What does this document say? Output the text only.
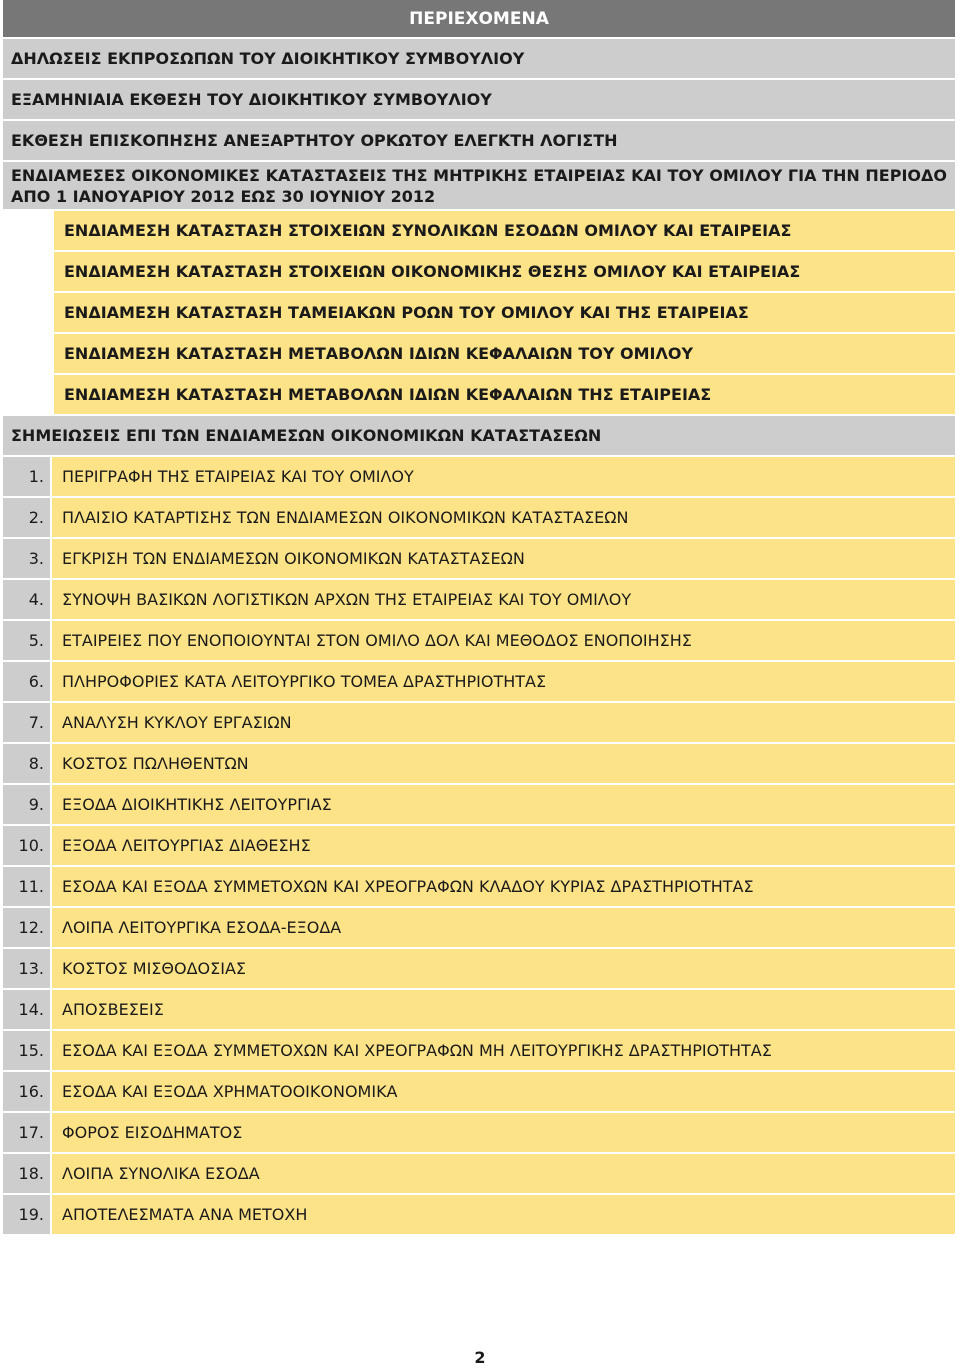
ΠΕΡΙΕΧΟΜΕΝΑ
ΔΗΛΩΣΕΙΣ ΕΚΠΡΟΣΩΠΩΝ ΤΟΥ ΔΙΟΙΚΗΤΙΚΟΥ ΣΥΜΒΟΥΛΙΟΥ
ΕΞΑΜΗΝΙΑΙΑ ΕΚΘΕΣΗ ΤΟΥ ΔΙΟΙΚΗΤΙΚΟΥ ΣΥΜΒΟΥΛΙΟΥ
ΕΚΘΕΣΗ ΕΠΙΣΚΟΠΗΣΗΣ ΑΝΕΞΑΡΤΗΤΟΥ ΟΡΚΩΤΟΥ ΕΛΕΓΚΤΗ ΛΟΓΙΣΤΗ
ΕΝΔΙΑΜΕΣΕΣ ΟΙΚΟΝΟΜΙΚΕΣ ΚΑΤΑΣΤΑΣΕΙΣ ΤΗΣ ΜΗΤΡΙΚΗΣ ΕΤΑΙΡΕΙΑΣ ΚΑΙ ΤΟΥ ΟΜΙΛΟΥ ΓΙΑ ΤΗΝ ΠΕΡΙΟΔΟ ΑΠΟ 1 ΙΑΝΟΥΑΡΙΟΥ 2012 ΕΩΣ 30 ΙΟΥΝΙΟΥ 2012
ΕΝΔΙΑΜΕΣΗ ΚΑΤΑΣΤΑΣΗ ΣΤΟΙΧΕΙΩΝ ΣΥΝΟΛΙΚΩΝ ΕΣΟΔΩΝ ΟΜΙΛΟΥ ΚΑΙ ΕΤΑΙΡΕΙΑΣ
ΕΝΔΙΑΜΕΣΗ ΚΑΤΑΣΤΑΣΗ ΣΤΟΙΧΕΙΩΝ ΟΙΚΟΝΟΜΙΚΗΣ ΘΕΣΗΣ ΟΜΙΛΟΥ ΚΑΙ ΕΤΑΙΡΕΙΑΣ
ΕΝΔΙΑΜΕΣΗ ΚΑΤΑΣΤΑΣΗ ΤΑΜΕΙΑΚΩΝ ΡΟΩΝ ΤΟΥ ΟΜΙΛΟΥ ΚΑΙ ΤΗΣ ΕΤΑΙΡΕΙΑΣ
ΕΝΔΙΑΜΕΣΗ ΚΑΤΑΣΤΑΣΗ ΜΕΤΑΒΟΛΩΝ ΙΔΙΩΝ ΚΕΦΑΛΑΙΩΝ ΤΟΥ ΟΜΙΛΟΥ
ΕΝΔΙΑΜΕΣΗ ΚΑΤΑΣΤΑΣΗ ΜΕΤΑΒΟΛΩΝ ΙΔΙΩΝ ΚΕΦΑΛΑΙΩΝ ΤΗΣ ΕΤΑΙΡΕΙΑΣ
ΣΗΜΕΙΩΣΕΙΣ ΕΠΙ ΤΩΝ ΕΝΔΙΑΜΕΣΩΝ ΟΙΚΟΝΟΜΙΚΩΝ ΚΑΤΑΣΤΑΣΕΩΝ
1.	ΠΕΡΙΓΡΑΦΗ ΤΗΣ ΕΤΑΙΡΕΙΑΣ ΚΑΙ ΤΟΥ ΟΜΙΛΟΥ
2.	ΠΛΑΙΣΙΟ ΚΑΤΑΡΤΙΣΗΣ ΤΩΝ ΕΝΔΙΑΜΕΣΩΝ ΟΙΚΟΝΟΜΙΚΩΝ ΚΑΤΑΣΤΑΣΕΩΝ
3.	ΕΓΚΡΙΣΗ ΤΩΝ ΕΝΔΙΑΜΕΣΩΝ ΟΙΚΟΝΟΜΙΚΩΝ ΚΑΤΑΣΤΑΣΕΩΝ
4.	ΣΥΝΟΨΗ ΒΑΣΙΚΩΝ ΛΟΓΙΣΤΙΚΩΝ ΑΡΧΩΝ ΤΗΣ ΕΤΑΙΡΕΙΑΣ ΚΑΙ ΤΟΥ ΟΜΙΛΟΥ
5.	ΕΤΑΙΡΕΙΕΣ ΠΟΥ ΕΝΟΠΟΙΟΥΝΤΑΙ ΣΤΟΝ ΟΜΙΛΟ ΔΟΛ ΚΑΙ ΜΕΘΟΔΟΣ ΕΝΟΠΟΙΗΣΗΣ
6.	ΠΛΗΡΟΦΟΡΙΕΣ ΚΑΤΑ ΛΕΙΤΟΥΡΓΙΚΟ ΤΟΜΕΑ ΔΡΑΣΤΗΡΙΟΤΗΤΑΣ
7.	ΑΝΑΛΥΣΗ ΚΥΚΛΟΥ ΕΡΓΑΣΙΩΝ
8.	ΚΟΣΤΟΣ ΠΩΛΗΘΕΝΤΩΝ
9.	ΕΞΟΔΑ ΔΙΟΙΚΗΤΙΚΗΣ ΛΕΙΤΟΥΡΓΙΑΣ
10.	ΕΞΟΔΑ ΛΕΙΤΟΥΡΓΙΑΣ ΔΙΑΘΕΣΗΣ
11.	ΕΣΟΔΑ ΚΑΙ ΕΞΟΔΑ ΣΥΜΜΕΤΟΧΩΝ ΚΑΙ ΧΡΕΟΓΡΑΦΩΝ ΚΛΑΔΟΥ ΚΥΡΙΑΣ ΔΡΑΣΤΗΡΙΟΤΗΤΑΣ
12.	ΛΟΙΠΑ ΛΕΙΤΟΥΡΓΙΚΑ ΕΣΟΔΑ-ΕΞΟΔΑ
13.	ΚΟΣΤΟΣ ΜΙΣΘΟΔΟΣΙΑΣ
14.	ΑΠΟΣΒΕΣΕΙΣ
15.	ΕΣΟΔΑ ΚΑΙ ΕΞΟΔΑ ΣΥΜΜΕΤΟΧΩΝ ΚΑΙ ΧΡΕΟΓΡΑΦΩΝ ΜΗ ΛΕΙΤΟΥΡΓΙΚΗΣ ΔΡΑΣΤΗΡΙΟΤΗΤΑΣ
16.	ΕΣΟΔΑ ΚΑΙ ΕΞΟΔΑ ΧΡΗΜΑΤΟΟΙΚΟΝΟΜΙΚΑ
17.	ΦΟΡΟΣ ΕΙΣΟΔΗΜΑΤΟΣ
18.	ΛΟΙΠΑ ΣΥΝΟΛΙΚΑ ΕΣΟΔΑ
19.	ΑΠΟΤΕΛΕΣΜΑΤΑ ΑΝΑ ΜΕΤΟΧΗ
2
